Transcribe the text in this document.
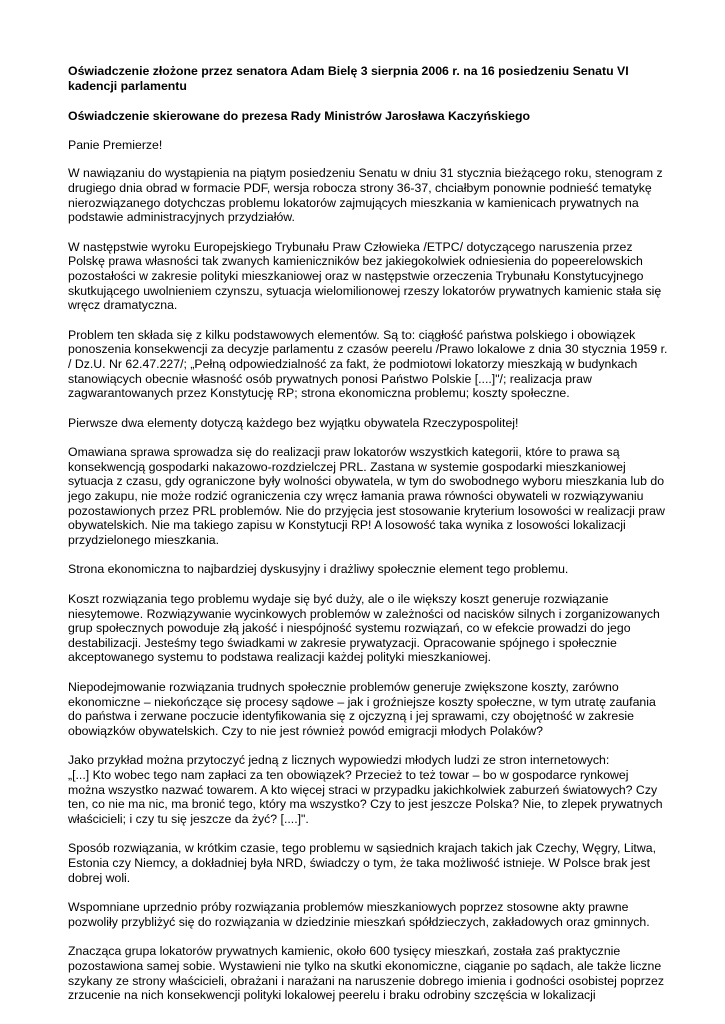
Oświadczenie złożone przez senatora Adam Bielę 3 sierpnia 2006 r. na 16 posiedzeniu Senatu VI kadencji parlamentu

Oświadczenie skierowane do prezesa Rady Ministrów Jarosława Kaczyńskiego

Panie Premierze!

W nawiązaniu do wystąpienia na piątym posiedzeniu Senatu w dniu 31 stycznia bieżącego roku, stenogram z drugiego dnia obrad w formacie PDF, wersja robocza strony 36-37, chciałbym ponownie podnieść tematykę nierozwiązanego dotychczas problemu lokatorów zajmujących mieszkania w kamienicach prywatnych na podstawie administracyjnych przydziałów.

W następstwie wyroku Europejskiego Trybunału Praw Człowieka /ETPC/ dotyczącego naruszenia przez Polskę prawa własności tak zwanych kamieniczników bez jakiegokolwiek odniesienia do popeerelowskich pozostałości w zakresie polityki mieszkaniowej oraz w następstwie orzeczenia Trybunału Konstytucyjnego skutkującego uwolnieniem czynszu, sytuacja wielomilionowej rzeszy lokatorów prywatnych kamienic stała się wręcz dramatyczna.

Problem ten składa się z kilku podstawowych elementów. Są to: ciągłość państwa polskiego i obowiązek ponoszenia konsekwencji za decyzje parlamentu z czasów peerelu /Prawo lokalowe z dnia 30 stycznia 1959 r. / Dz.U. Nr 62.47.227/; „Pełną odpowiedzialność za fakt, że podmiotowi lokatorzy mieszkają w budynkach stanowiących obecnie własność osób prywatnych ponosi Państwo Polskie [....]"/; realizacja praw zagwarantowanych przez Konstytucję RP; strona ekonomiczna problemu; koszty społeczne.

Pierwsze dwa elementy dotyczą każdego bez wyjątku obywatela Rzeczypospolitej!

Omawiana sprawa sprowadza się do realizacji praw lokatorów wszystkich kategorii, które to prawa są konsekwencją gospodarki nakazowo-rozdzielczej PRL. Zastana w systemie gospodarki mieszkaniowej sytuacja z czasu, gdy ograniczone były wolności obywatela, w tym do swobodnego wyboru mieszkania lub do jego zakupu, nie może rodzić ograniczenia czy wręcz łamania prawa równości obywateli w rozwiązywaniu pozostawionych przez PRL problemów. Nie do przyjęcia jest stosowanie kryterium losowości w realizacji praw obywatelskich. Nie ma takiego zapisu w Konstytucji RP! A losowość taka wynika z losowości lokalizacji przydzielonego mieszkania.

Strona ekonomiczna to najbardziej dyskusyjny i drażliwy społecznie element tego problemu.

Koszt rozwiązania tego problemu wydaje się być duży, ale o ile większy koszt generuje rozwiązanie niesytemowe. Rozwiązywanie wycinkowych problemów w zależności od nacisków silnych i zorganizowanych grup społecznych powoduje złą jakość i niespójność systemu rozwiązań, co w efekcie prowadzi do jego destabilizacji. Jesteśmy tego świadkami w zakresie prywatyzacji. Opracowanie spójnego i społecznie akceptowanego systemu to podstawa realizacji każdej polityki mieszkaniowej.

Niepodejmowanie rozwiązania trudnych społecznie problemów generuje zwiększone koszty, zarówno ekonomiczne – niekończące się procesy sądowe – jak i groźniejsze koszty społeczne, w tym utratę zaufania do państwa i zerwane poczucie identyfikowania się z ojczyzną i jej sprawami, czy obojętność w zakresie obowiązków obywatelskich. Czy to nie jest również powód emigracji młodych Polaków?

Jako przykład można przytoczyć jedną z licznych wypowiedzi młodych ludzi ze stron internetowych:

„[...] Kto wobec tego nam zapłaci za ten obowiązek? Przecież to też towar – bo w gospodarce rynkowej można wszystko nazwać towarem. A kto więcej straci w przypadku jakichkolwiek zaburzeń światowych? Czy ten, co nie ma nic, ma bronić tego, który ma wszystko? Czy to jest jeszcze Polska? Nie, to zlepek prywatnych właścicieli; i czy tu się jeszcze da żyć? [....]".

Sposób rozwiązania, w krótkim czasie, tego problemu w sąsiednich krajach takich jak Czechy, Węgry, Litwa, Estonia czy Niemcy, a dokładniej była NRD, świadczy o tym, że taka możliwość istnieje. W Polsce brak jest dobrej woli.

Wspomniane uprzednio próby rozwiązania problemów mieszkaniowych poprzez stosowne akty prawne pozwoliły przybliżyć się do rozwiązania w dziedzinie mieszkań spółdzieczych, zakładowych oraz gminnych.

Znacząca grupa lokatorów prywatnych kamienic, około 600 tysięcy mieszkań, została zaś praktycznie pozostawiona samej sobie. Wystawieni nie tylko na skutki ekonomiczne, ciąganie po sądach, ale także liczne szykany ze strony właścicieli, obrażani i narażani na naruszenie dobrego imienia i godności osobistej poprzez zrzucenie na nich konsekwencji polityki lokalowej peerelu i braku odrobiny szczęścia w lokalizacji
